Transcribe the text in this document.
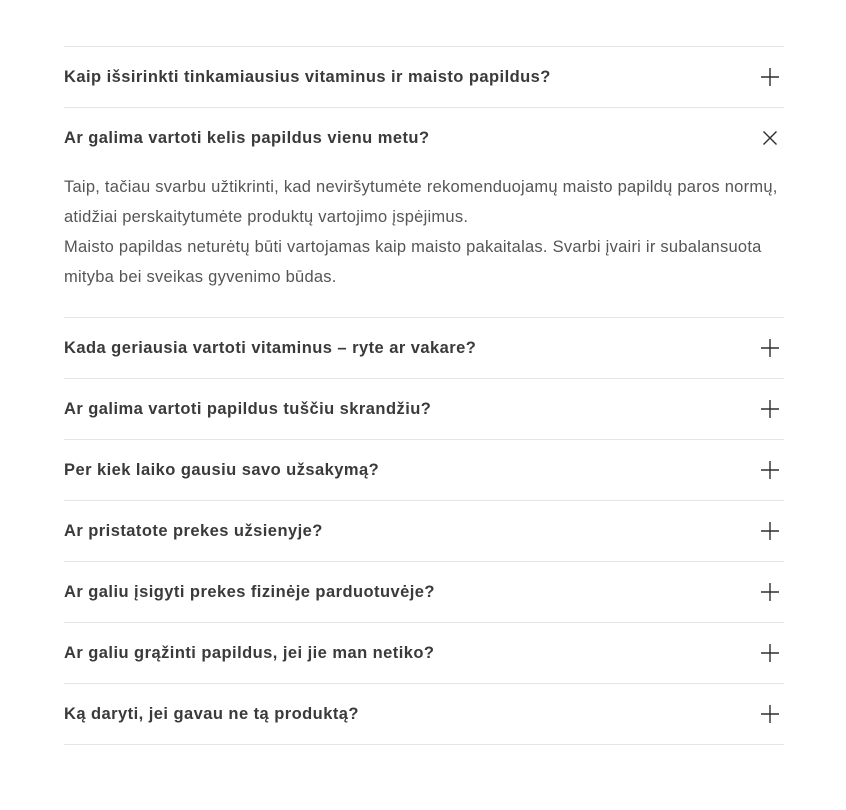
Kaip išsirinkti tinkamiausius vitaminus ir maisto papildus?
Ar galima vartoti kelis papildus vienu metu?

Taip, tačiau svarbu užtikrinti, kad neviršytumėte rekomenduojamų maisto papildų paros normų, atidžiai perskaitytumėte produktų vartojimo įspėjimus.

Maisto papildas neturėtų būti vartojamas kaip maisto pakaitalas. Svarbi įvairi ir subalansuota mityba bei sveikas gyvenimo būdas.

Kada geriausia vartoti vitaminus – ryte ar vakare?
Ar galima vartoti papildus tuščiu skrandžiu?
Per kiek laiko gausiu savo užsakymą?
Ar pristatote prekes užsienyje?
Ar galiu įsigyti prekes fizinėje parduotuvėje?
Ar galiu grąžinti papildus, jei jie man netiko?
Ką daryti, jei gavau ne tą produktą?
